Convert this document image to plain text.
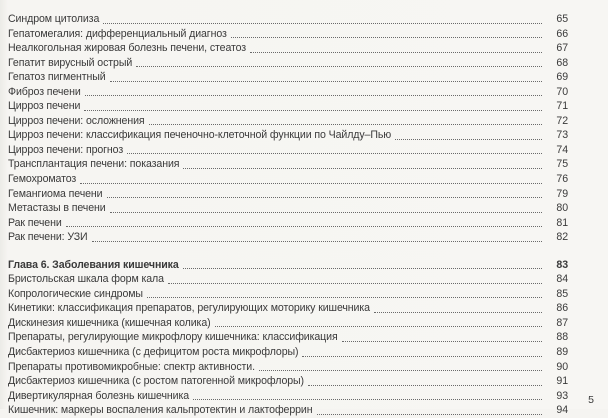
Синдром цитолиза	65
Гепатомегалия: дифференциальный диагноз	66
Неалкогольная жировая болезнь печени, стеатоз	67
Гепатит вирусный острый	68
Гепатоз пигментный	69
Фиброз печени	70
Цирроз печени	71
Цирроз печени: осложнения	72
Цирроз печени: классификация печеночно-клеточной функции по Чайлду–Пью	73
Цирроз печени: прогноз	74
Трансплантация печени: показания	75
Гемохроматоз	76
Гемангиома печени	79
Метастазы в печени	80
Рак печени	81
Рак печени: УЗИ	82
Глава 6. Заболевания кишечника	83
Бристольская шкала форм кала	84
Копрологические синдромы	85
Кинетики: классификация препаратов, регулирующих моторику кишечника	86
Дискинезия кишечника (кишечная колика)	87
Препараты, регулирующие микрофлору кишечника: классификация	88
Дисбактериоз кишечника (с дефицитом роста микрофлоры)	89
Препараты противомикробные: спектр активности.	90
Дисбактериоз кишечника (с ростом патогенной микрофлоры)	91
Дивертикулярная болезнь кишечника	93
Кишечник: маркеры воспаления кальпротектин и лактоферрин	94
5
